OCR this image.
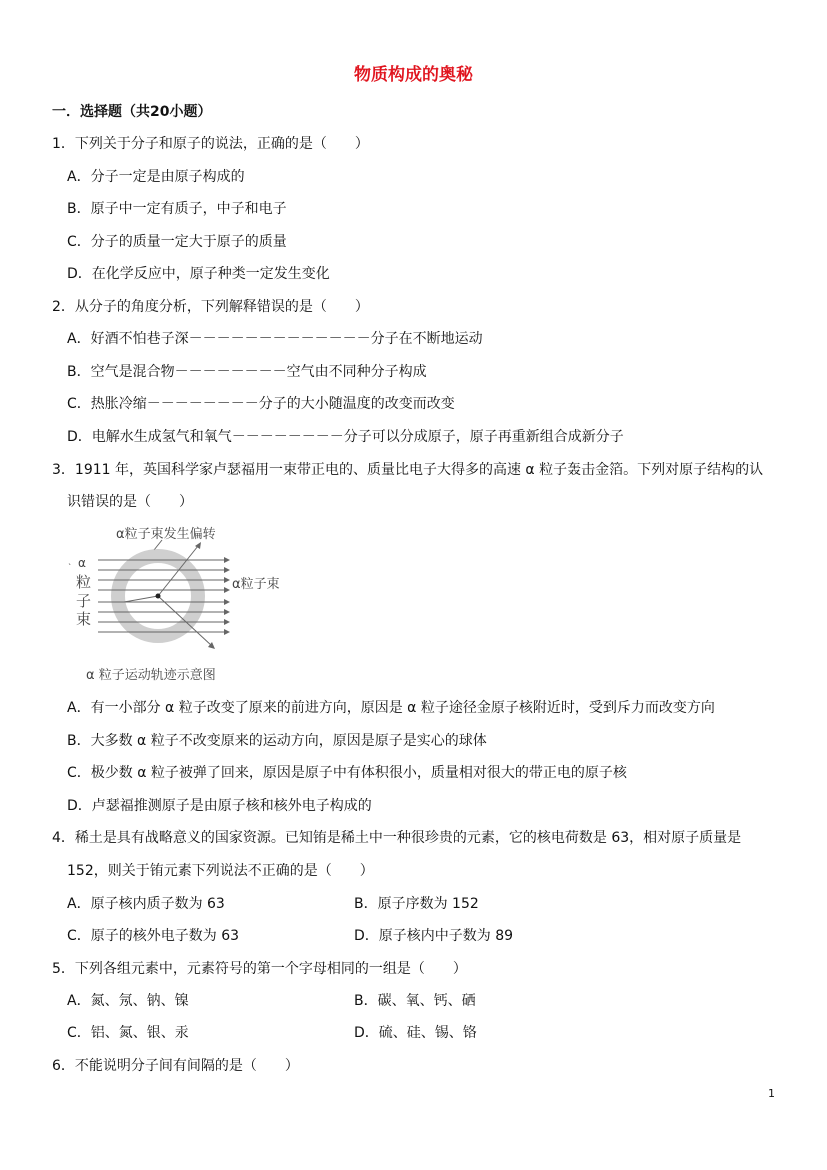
物质构成的奥秘
一．选择题（共20小题）
1．下列关于分子和原子的说法，正确的是（　　）
A．分子一定是由原子构成的
B．原子中一定有质子，中子和电子
C．分子的质量一定大于原子的质量
D．在化学反应中，原子种类一定发生变化
2．从分子的角度分析，下列解释错误的是（　　）
A．好酒不怕巷子深－－－－－－－－－－－－－分子在不断地运动
B．空气是混合物－－－－－－－－空气由不同种分子构成
C．热胀冷缩－－－－－－－－分子的大小随温度的改变而改变
D．电解水生成氢气和氧气－－－－－－－－分子可以分成原子，原子再重新组合成新分子
3．1911 年，英国科学家卢瑟福用一束带正电的、质量比电子大得多的高速 α 粒子轰击金箔。下列对原子结构的认
识错误的是（　　）
α粒子束发生偏转
` α
粒
子
束
α粒子束
α 粒子运动轨迹示意图
A．有一小部分 α 粒子改变了原来的前进方向，原因是 α 粒子途径金原子核附近时，受到斥力而改变方向
B．大多数 α 粒子不改变原来的运动方向，原因是原子是实心的球体
C．极少数 α 粒子被弹了回来，原因是原子中有体积很小，质量相对很大的带正电的原子核
D．卢瑟福推测原子是由原子核和核外电子构成的
4．稀土是具有战略意义的国家资源。已知铕是稀土中一种很珍贵的元素，它的核电荷数是 63，相对原子质量是
152，则关于铕元素下列说法不正确的是（　　）
A．原子核内质子数为 63	B．原子序数为 152
C．原子的核外电子数为 63	D．原子核内中子数为 89
5．下列各组元素中，元素符号的第一个字母相同的一组是（　　）
A．氮、氖、钠、镍	B．碳、氧、钙、硒
C．铝、氮、银、汞	D．硫、硅、锡、铬
6．不能说明分子间有间隔的是（　　）
1
